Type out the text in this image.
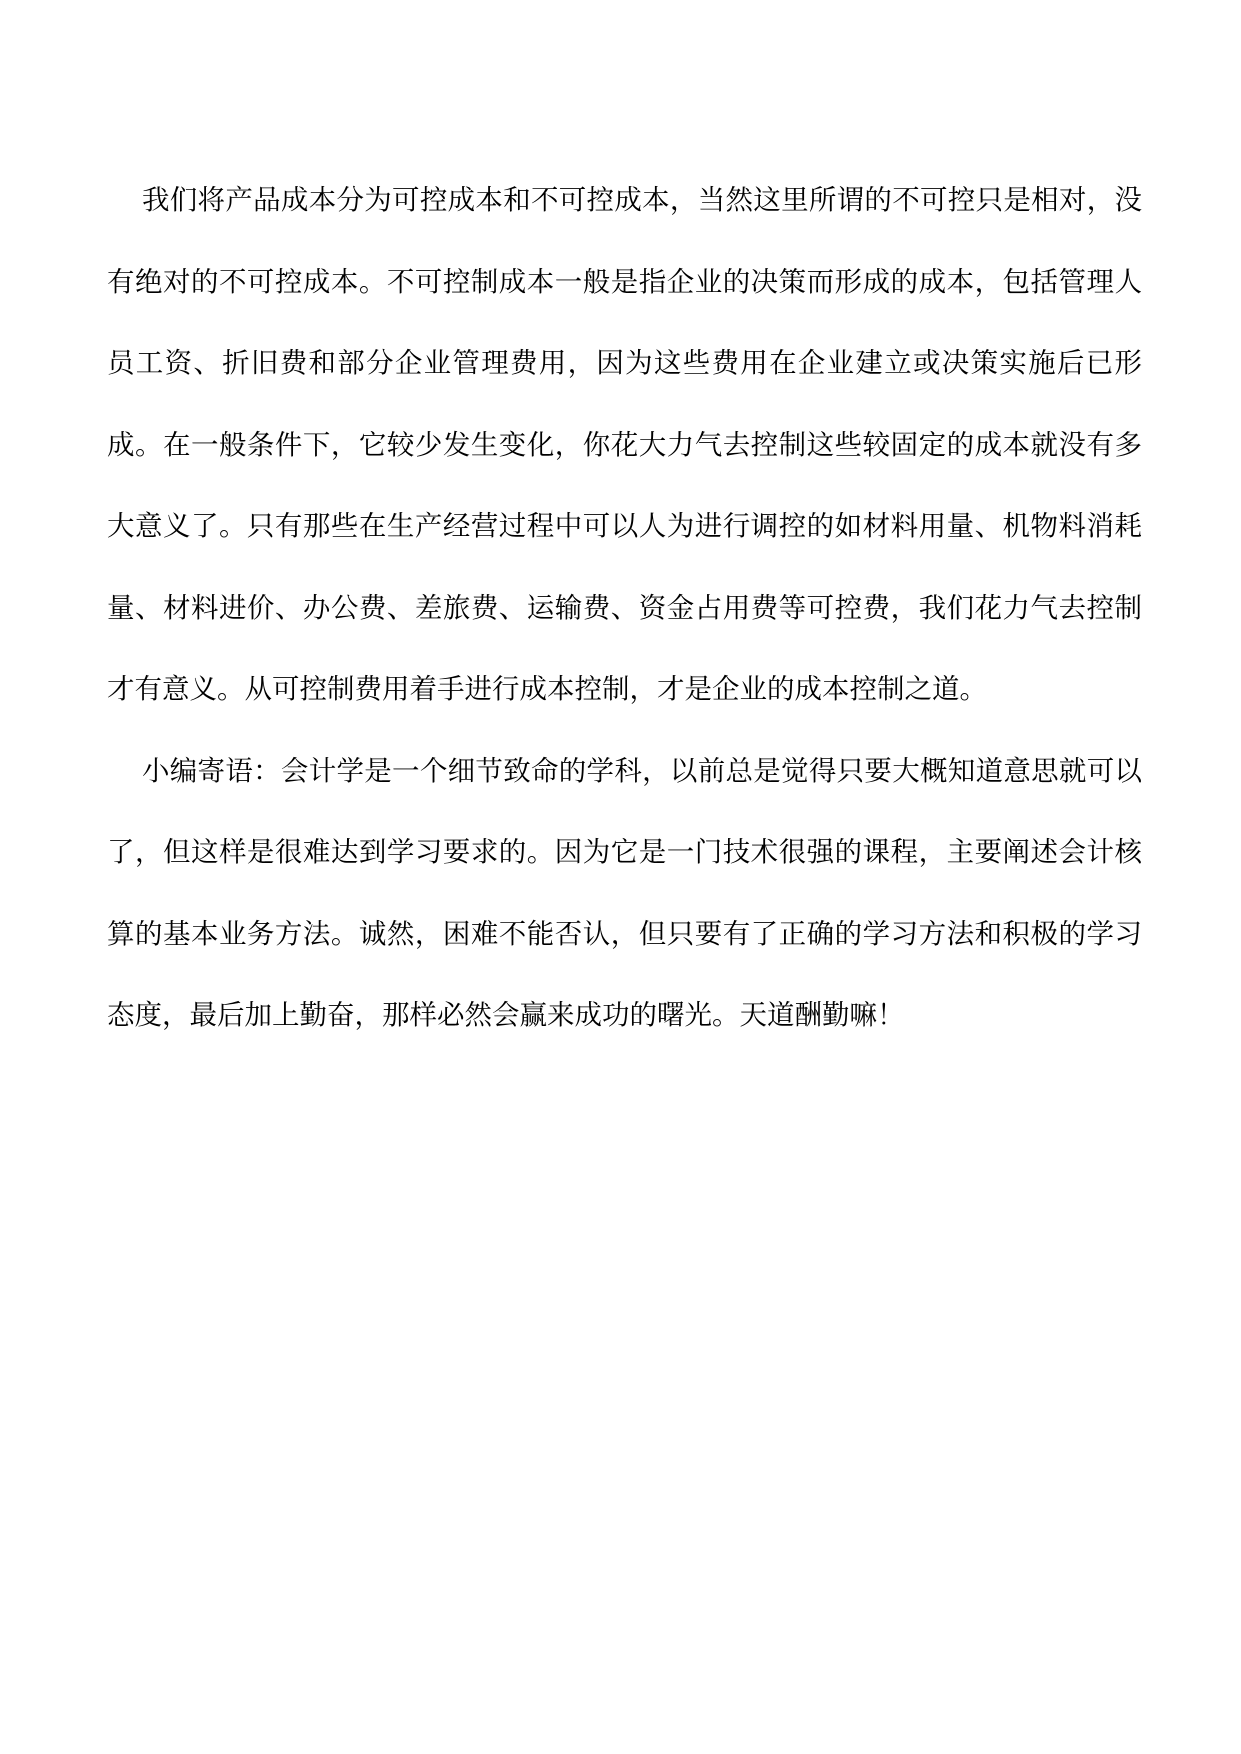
我们将产品成本分为可控成本和不可控成本，当然这里所谓的不可控只是相对，没有绝对的不可控成本。不可控制成本一般是指企业的决策而形成的成本，包括管理人员工资、折旧费和部分企业管理费用，因为这些费用在企业建立或决策实施后已形成。在一般条件下，它较少发生变化，你花大力气去控制这些较固定的成本就没有多大意义了。只有那些在生产经营过程中可以人为进行调控的如材料用量、机物料消耗量、材料进价、办公费、差旅费、运输费、资金占用费等可控费，我们花力气去控制才有意义。从可控制费用着手进行成本控制，才是企业的成本控制之道。

小编寄语：会计学是一个细节致命的学科，以前总是觉得只要大概知道意思就可以了，但这样是很难达到学习要求的。因为它是一门技术很强的课程，主要阐述会计核算的基本业务方法。诚然，困难不能否认，但只要有了正确的学习方法和积极的学习态度，最后加上勤奋，那样必然会赢来成功的曙光。天道酬勤嘛！
